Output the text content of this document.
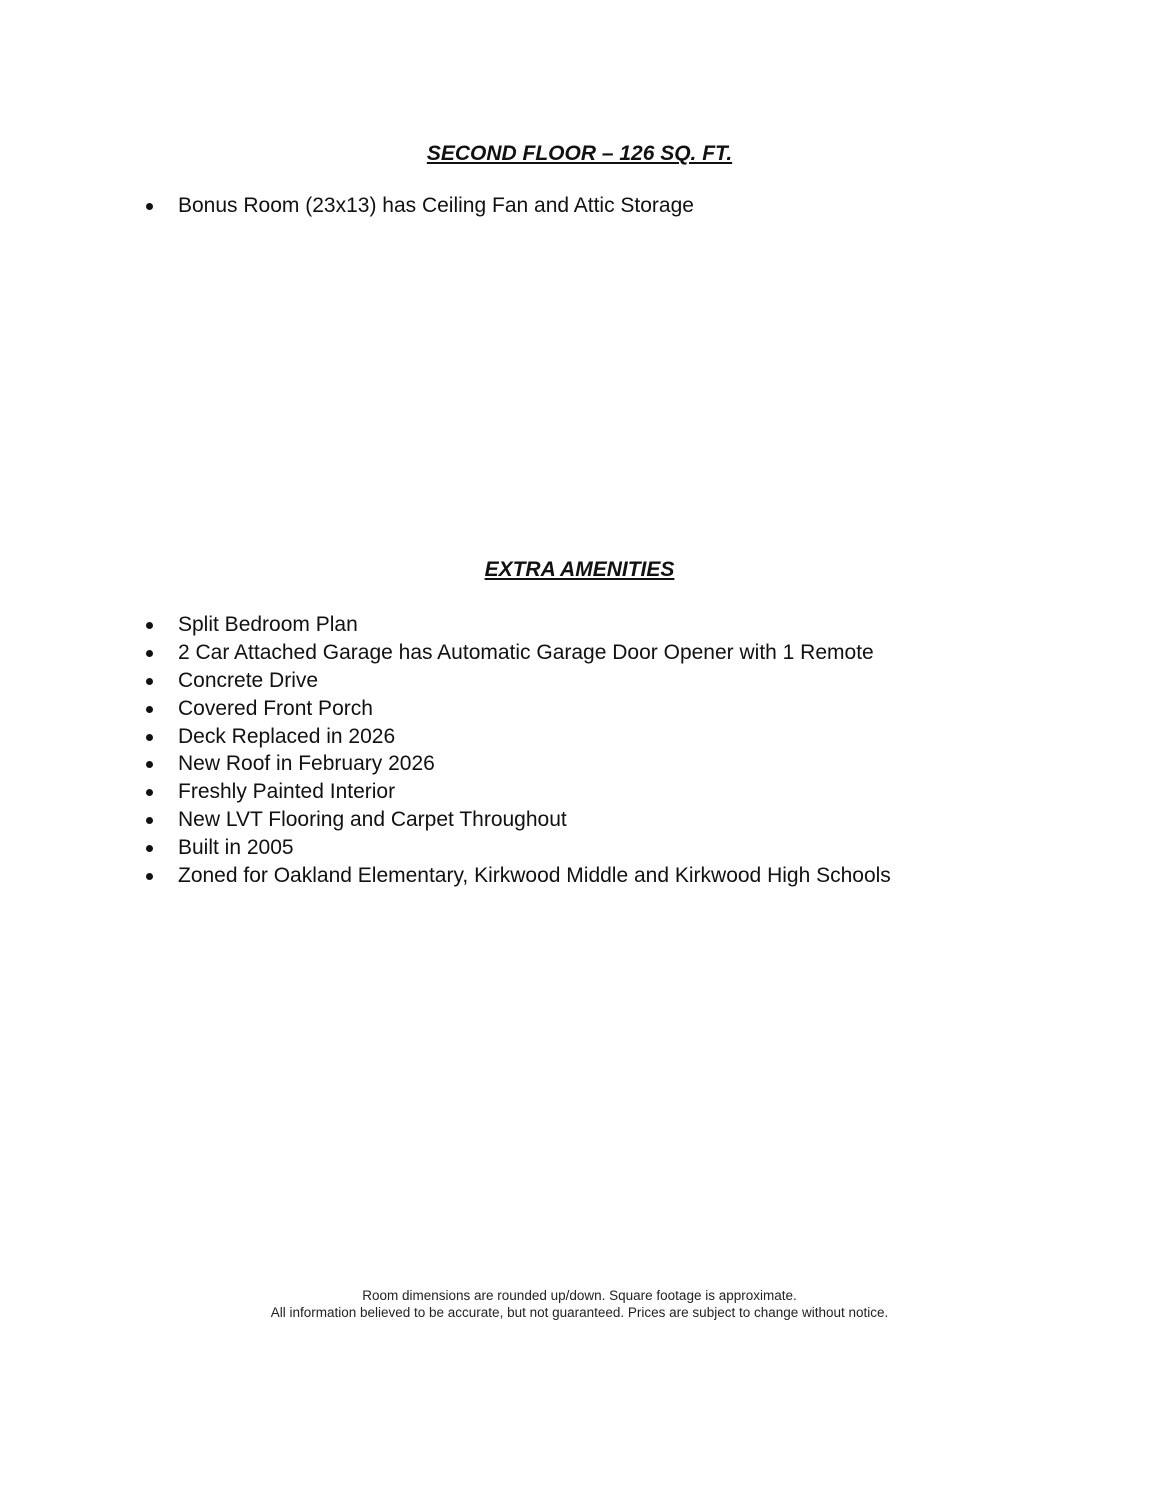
SECOND FLOOR – 126 SQ. FT.
Bonus Room (23x13) has Ceiling Fan and Attic Storage
EXTRA AMENITIES
Split Bedroom Plan
2 Car Attached Garage has Automatic Garage Door Opener with 1 Remote
Concrete Drive
Covered Front Porch
Deck Replaced in 2026
New Roof in February 2026
Freshly Painted Interior
New LVT Flooring and Carpet Throughout
Built in 2005
Zoned for Oakland Elementary, Kirkwood Middle and Kirkwood High Schools
Room dimensions are rounded up/down. Square footage is approximate.
All information believed to be accurate, but not guaranteed. Prices are subject to change without notice.
